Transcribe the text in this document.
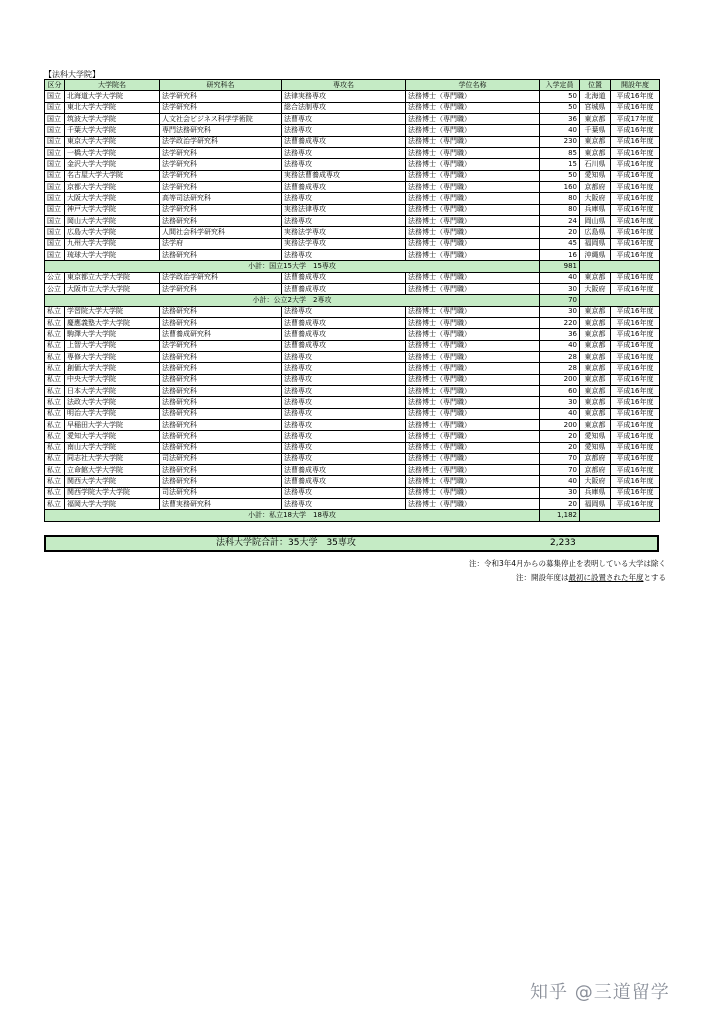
【法科大学院】
区分	大学院名	研究科名	専攻名	学位名称	入学定員	位置	開設年度
国立	北海道大学大学院	法学研究科	法律実務専攻	法務博士（専門職）	50	北海道	平成16年度
国立	東北大学大学院	法学研究科	総合法制専攻	法務博士（専門職）	50	宮城県	平成16年度
国立	筑波大学大学院	人文社会ビジネス科学学術院	法曹専攻	法務博士（専門職）	36	東京都	平成17年度
国立	千葉大学大学院	専門法務研究科	法務専攻	法務博士（専門職）	40	千葉県	平成16年度
国立	東京大学大学院	法学政治学研究科	法曹養成専攻	法務博士（専門職）	230	東京都	平成16年度
国立	一橋大学大学院	法学研究科	法務専攻	法務博士（専門職）	85	東京都	平成16年度
国立	金沢大学大学院	法学研究科	法務専攻	法務博士（専門職）	15	石川県	平成16年度
国立	名古屋大学大学院	法学研究科	実務法曹養成専攻	法務博士（専門職）	50	愛知県	平成16年度
国立	京都大学大学院	法学研究科	法曹養成専攻	法務博士（専門職）	160	京都府	平成16年度
国立	大阪大学大学院	高等司法研究科	法務専攻	法務博士（専門職）	80	大阪府	平成16年度
国立	神戸大学大学院	法学研究科	実務法律専攻	法務博士（専門職）	80	兵庫県	平成16年度
国立	岡山大学大学院	法務研究科	法務専攻	法務博士（専門職）	24	岡山県	平成16年度
国立	広島大学大学院	人間社会科学研究科	実務法学専攻	法務博士（専門職）	20	広島県	平成16年度
国立	九州大学大学院	法学府	実務法学専攻	法務博士（専門職）	45	福岡県	平成16年度
国立	琉球大学大学院	法務研究科	法務専攻	法務博士（専門職）	16	沖縄県	平成16年度
小計：国立15大学　15専攻					981		
公立	東京都立大学大学院	法学政治学研究科	法曹養成専攻	法務博士（専門職）	40	東京都	平成16年度
公立	大阪市立大学大学院	法学研究科	法曹養成専攻	法務博士（専門職）	30	大阪府	平成16年度
小計：公立2大学　2専攻					70		
私立	学習院大学大学院	法務研究科	法務専攻	法務博士（専門職）	30	東京都	平成16年度
私立	慶應義塾大学大学院	法務研究科	法曹養成専攻	法務博士（専門職）	220	東京都	平成16年度
私立	駒澤大学大学院	法曹養成研究科	法曹養成専攻	法務博士（専門職）	36	東京都	平成16年度
私立	上智大学大学院	法学研究科	法曹養成専攻	法務博士（専門職）	40	東京都	平成16年度
私立	専修大学大学院	法務研究科	法務専攻	法務博士（専門職）	28	東京都	平成16年度
私立	創価大学大学院	法務研究科	法務専攻	法務博士（専門職）	28	東京都	平成16年度
私立	中央大学大学院	法務研究科	法務専攻	法務博士（専門職）	200	東京都	平成16年度
私立	日本大学大学院	法務研究科	法務専攻	法務博士（専門職）	60	東京都	平成16年度
私立	法政大学大学院	法務研究科	法務専攻	法務博士（専門職）	30	東京都	平成16年度
私立	明治大学大学院	法務研究科	法務専攻	法務博士（専門職）	40	東京都	平成16年度
私立	早稲田大学大学院	法務研究科	法務専攻	法務博士（専門職）	200	東京都	平成16年度
私立	愛知大学大学院	法務研究科	法務専攻	法務博士（専門職）	20	愛知県	平成16年度
私立	南山大学大学院	法務研究科	法務専攻	法務博士（専門職）	20	愛知県	平成16年度
私立	同志社大学大学院	司法研究科	法務専攻	法務博士（専門職）	70	京都府	平成16年度
私立	立命館大学大学院	法務研究科	法曹養成専攻	法務博士（専門職）	70	京都府	平成16年度
私立	関西大学大学院	法務研究科	法曹養成専攻	法務博士（専門職）	40	大阪府	平成16年度
私立	関西学院大学大学院	司法研究科	法務専攻	法務博士（専門職）	30	兵庫県	平成16年度
私立	福岡大学大学院	法曹実務研究科	法務専攻	法務博士（専門職）	20	福岡県	平成16年度
小計：私立18大学　18専攻					1,182		
法科大学院合計：35大学　35専攻	2,233
注：令和3年4月からの募集停止を表明している大学は除く
注：開設年度は最初に設置された年度とする
知乎 @三道留学
